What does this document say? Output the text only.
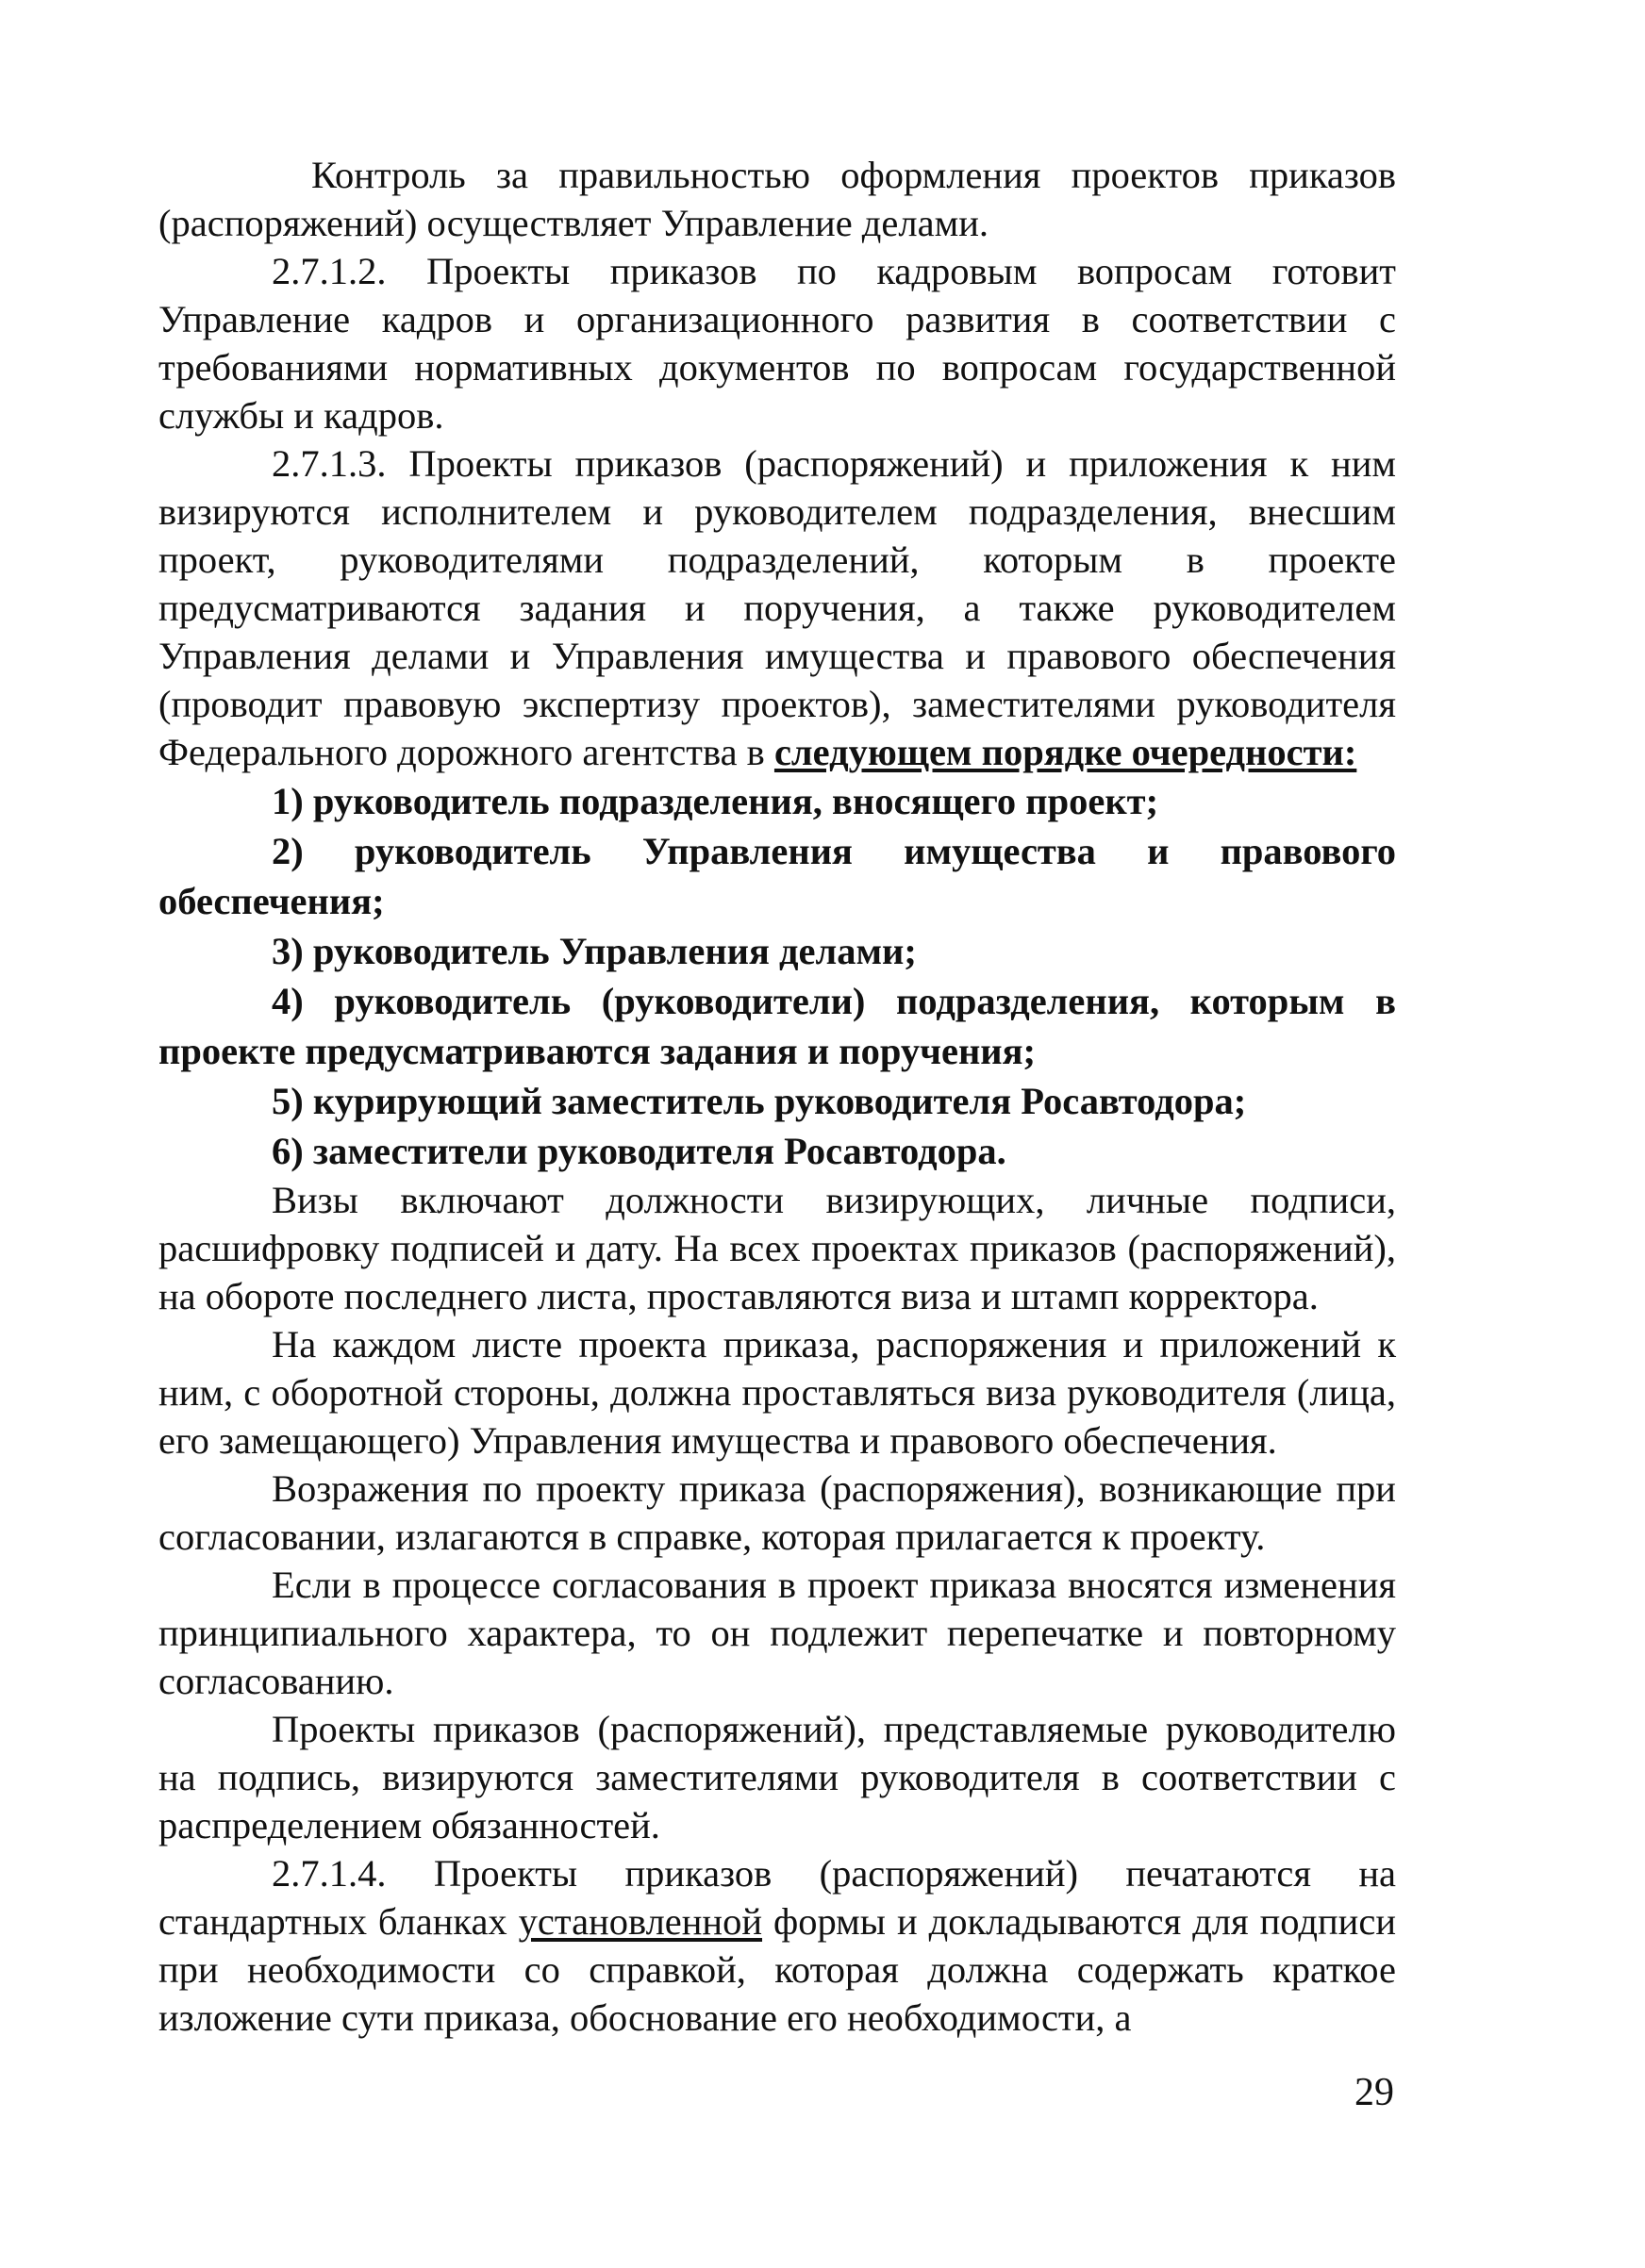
Контроль за правильностью оформления проектов приказов (распоряжений) осуществляет Управление делами.

2.7.1.2. Проекты приказов по кадровым вопросам готовит Управление кадров и организационного развития в соответствии с требованиями нормативных документов по вопросам государственной службы и кадров.

2.7.1.3. Проекты приказов (распоряжений) и приложения к ним визируются исполнителем и руководителем подразделения, внесшим проект, руководителями подразделений, которым в проекте предусматриваются задания и поручения, а также руководителем Управления делами и Управления имущества и правового обеспечения (проводит правовую экспертизу проектов), заместителями руководителя Федерального дорожного агентства в следующем порядке очередности:

1) руководитель подразделения, вносящего проект;

2) руководитель Управления имущества и правового обеспечения;

3) руководитель Управления делами;

4) руководитель (руководители) подразделения, которым в проекте предусматриваются задания и поручения;

5) курирующий заместитель руководителя Росавтодора;

6) заместители руководителя Росавтодора.

Визы включают должности визирующих, личные подписи, расшифровку подписей и дату. На всех проектах приказов (распоряжений), на обороте последнего листа, проставляются виза и штамп корректора.

На каждом листе проекта приказа, распоряжения и приложений к ним, с оборотной стороны, должна проставляться виза руководителя (лица, его замещающего) Управления имущества и правового обеспечения.

Возражения по проекту приказа (распоряжения), возникающие при согласовании, излагаются в справке, которая прилагается к проекту.

Если в процессе согласования в проект приказа вносятся изменения принципиального характера, то он подлежит перепечатке и повторному согласованию.

Проекты приказов (распоряжений), представляемые руководителю на подпись, визируются заместителями руководителя в соответствии с распределением обязанностей.

2.7.1.4. Проекты приказов (распоряжений) печатаются на стандартных бланках установленной формы и докладываются для подписи при необходимости со справкой, которая должна содержать краткое изложение сути приказа, обоснование его необходимости, а

29
